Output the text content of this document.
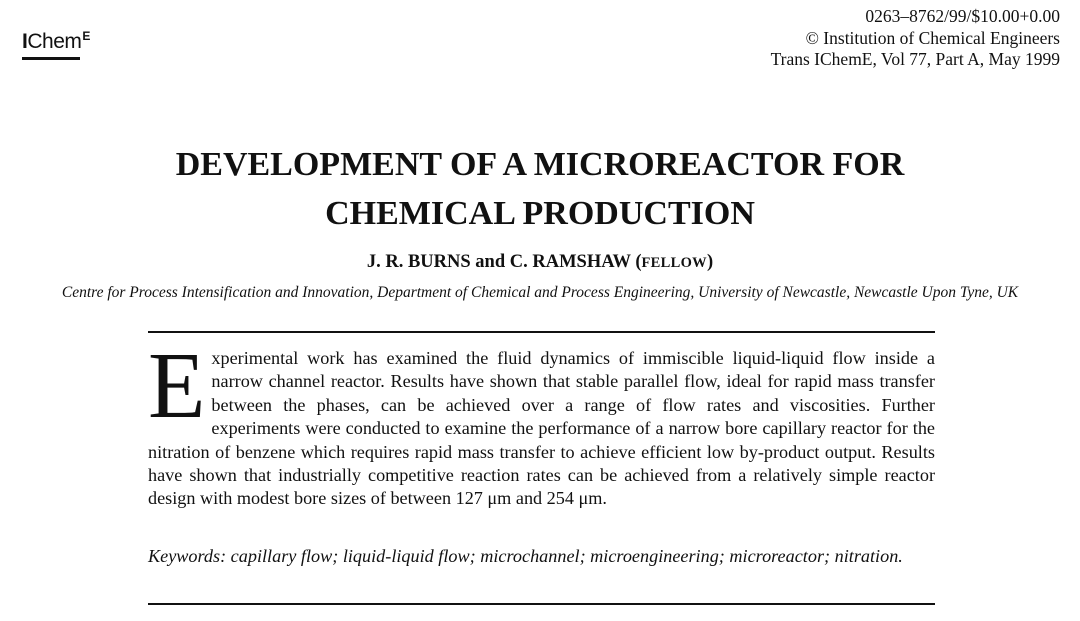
IChem$^E$
0263–8762/99/$10.00+0.00
© Institution of Chemical Engineers
Trans IChemE, Vol 77, Part A, May 1999
DEVELOPMENT OF A MICROREACTOR FOR
CHEMICAL PRODUCTION
J. R. BURNS and C. RAMSHAW (FELLOW)
Centre for Process Intensification and Innovation, Department of Chemical and Process Engineering, University of Newcastle, Newcastle Upon Tyne, UK
E xperimental work has examined the fluid dynamics of immiscible liquid-liquid flow inside a narrow channel reactor. Results have shown that stable parallel flow, ideal for rapid mass transfer between the phases, can be achieved over a range of flow rates and viscosities. Further experiments were conducted to examine the performance of a narrow bore capillary reactor for the nitration of benzene which requires rapid mass transfer to achieve efficient low by-product output. Results have shown that industrially competitive reaction rates can be achieved from a relatively simple reactor design with modest bore sizes of between 127 μm and 254 μm.
Keywords: capillary flow; liquid-liquid flow; microchannel; microengineering; microreactor; nitration.
